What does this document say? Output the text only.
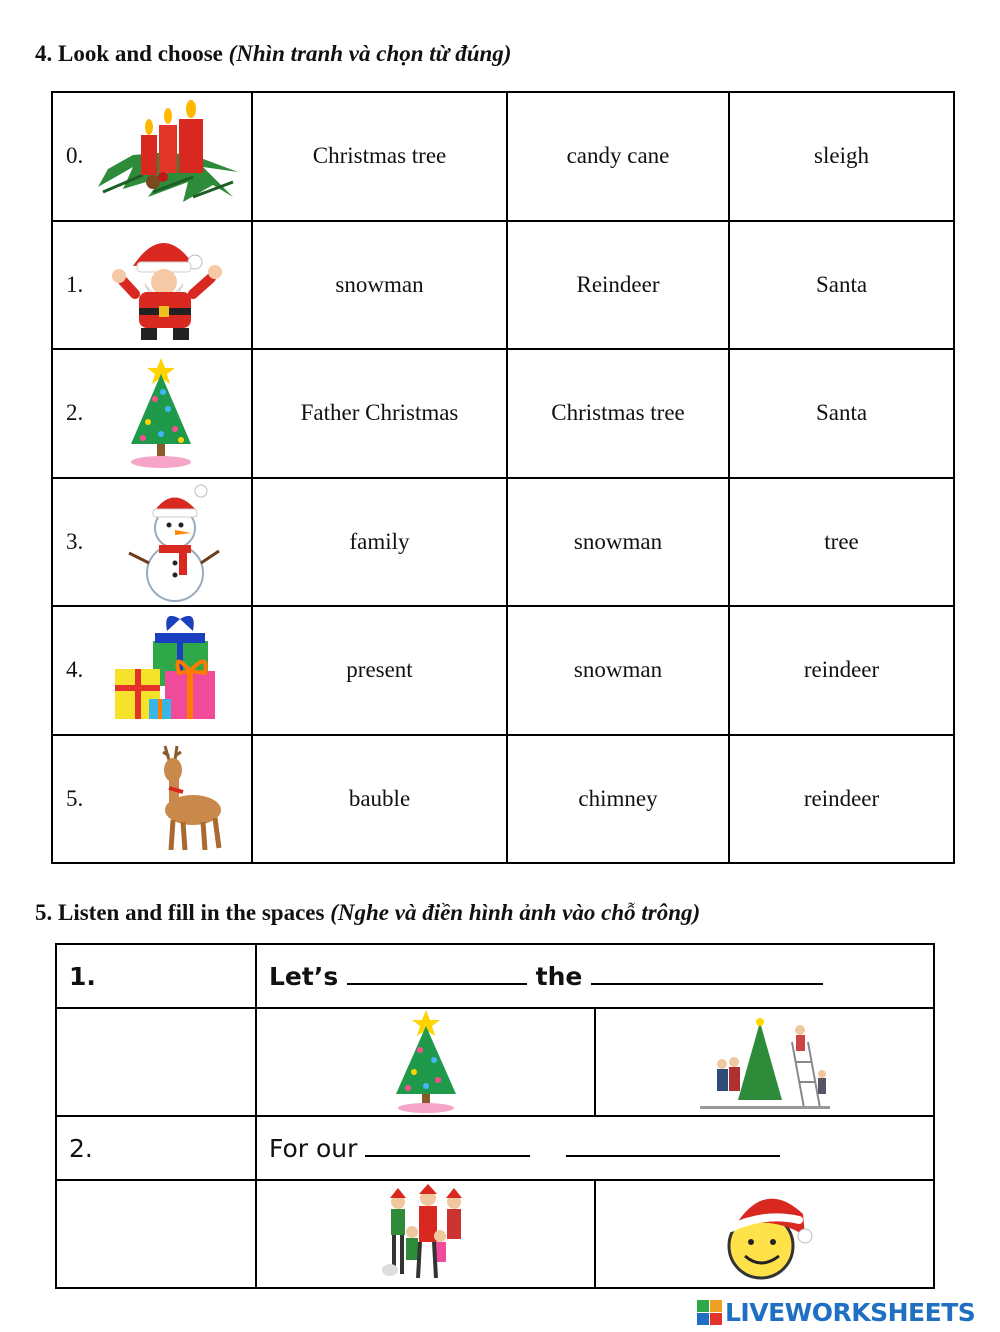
4. Look and choose (Nhìn tranh và chọn từ đúng)
0.	Christmas tree	candy cane	sleigh

1.	snowman	Reindeer	Santa

2.	Father Christmas	Christmas tree	Santa

3.	family	snowman	tree

4.	present	snowman	reindeer

5.	bauble	chimney	reindeer
5. Listen and fill in the spaces (Nghe và điền hình ảnh vào chỗ trông)
1.	Let’s the	

2.	For our	

LIVEWORKSHEETS
